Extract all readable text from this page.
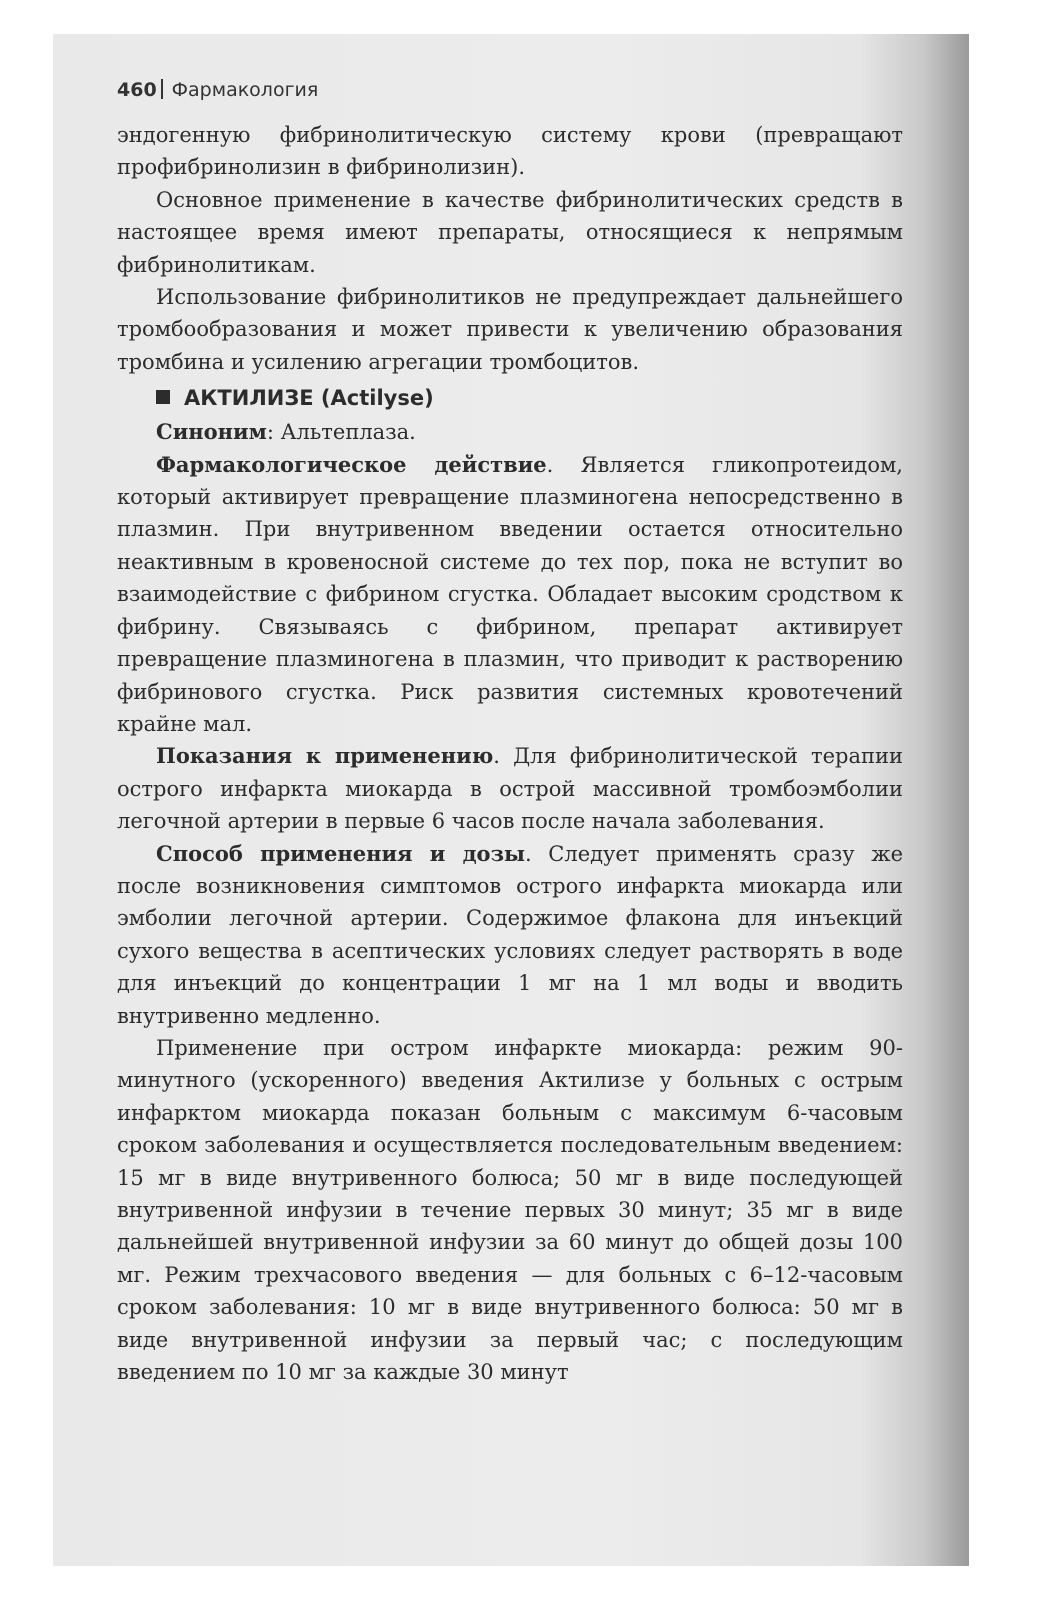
460 Фармакология

эндогенную фибринолитическую систему крови (превращают профибринолизин в фибринолизин).

Основное применение в качестве фибринолитических средств в настоящее время имеют препараты, относящиеся к непрямым фибринолитикам.

Использование фибринолитиков не предупреждает дальнейшего тромбообразования и может привести к увеличению образования тромбина и усилению агрегации тромбоцитов.

АКТИЛИЗЕ (Actilyse)

Синоним: Альтеплаза.

Фармакологическое действие. Является гликопротеидом, который активирует превращение плазминогена непосредственно в плазмин. При внутривенном введении остается относительно неактивным в кровеносной системе до тех пор, пока не вступит во взаимодействие с фибрином сгустка. Обладает высоким сродством к фибрину. Связываясь с фибрином, препарат активирует превращение плазминогена в плазмин, что приводит к растворению фибринового сгустка. Риск развития системных кровотечений крайне мал.

Показания к применению. Для фибринолитической терапии острого инфаркта миокарда в острой массивной тромбоэмболии легочной артерии в первые 6 часов после начала заболевания.

Способ применения и дозы. Следует применять сразу же после возникновения симптомов острого инфаркта миокарда или эмболии легочной артерии. Содержимое флакона для инъекций сухого вещества в асептических условиях следует растворять в воде для инъекций до концентрации 1 мг на 1 мл воды и вводить внутривенно медленно.

Применение при остром инфаркте миокарда: режим 90-минутного (ускоренного) введения Актилизе у больных с острым инфарктом миокарда показан больным с максимум 6-часовым сроком заболевания и осуществляется последовательным введением: 15 мг в виде внутривенного болюса; 50 мг в виде последующей внутривенной инфузии в течение первых 30 минут; 35 мг в виде дальнейшей внутривенной инфузии за 60 минут до общей дозы 100 мг. Режим трехчасового введения — для больных с 6–12-часовым сроком заболевания: 10 мг в виде внутривенного болюса: 50 мг в виде внутривенной инфузии за первый час; с последующим введением по 10 мг за каждые 30 минут
